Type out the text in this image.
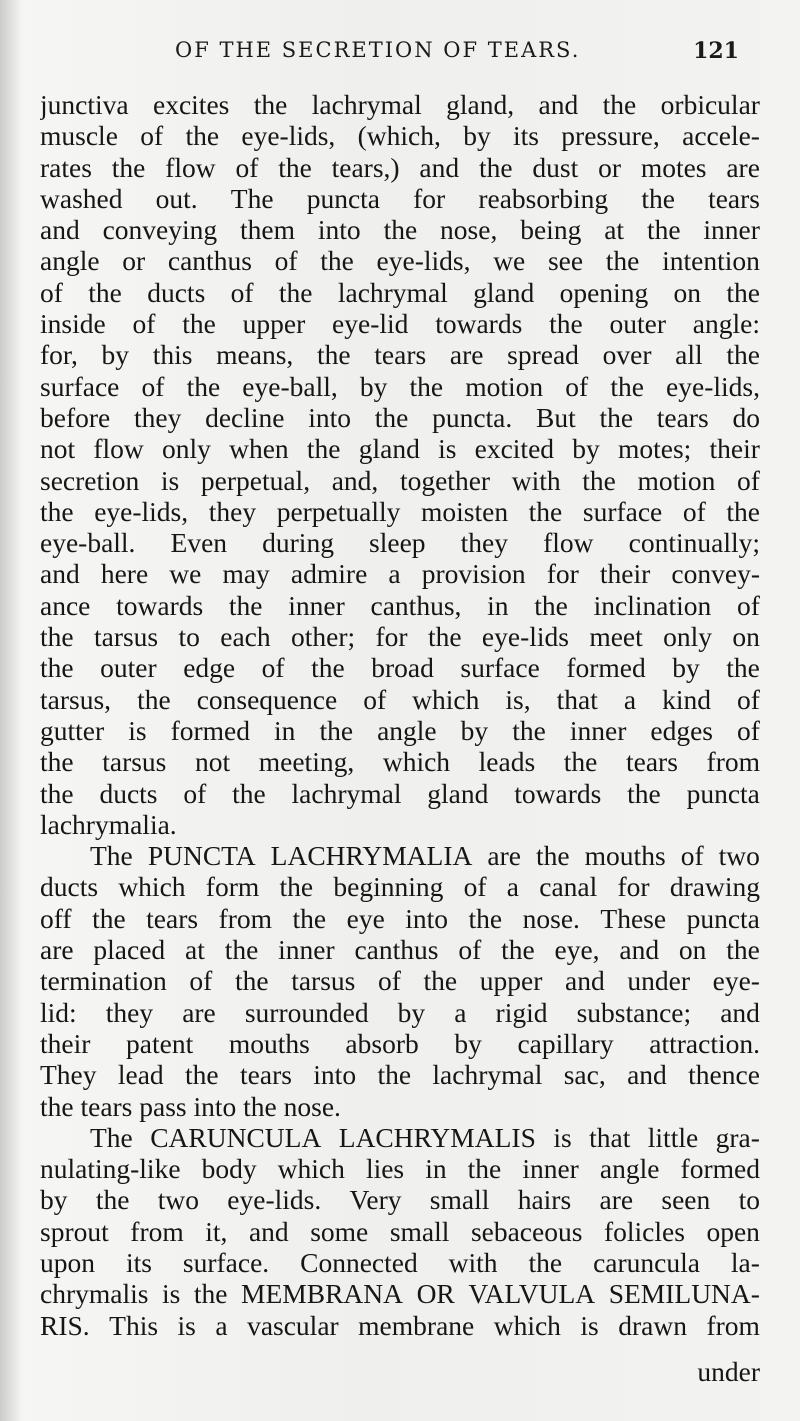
OF THE SECRETION OF TEARS.	121
junctiva excites the lachrymal gland, and the orbicular
muscle of the eye-lids, (which, by its pressure, accele-
rates the flow of the tears,) and the dust or motes are
washed out. The puncta for reabsorbing the tears
and conveying them into the nose, being at the inner
angle or canthus of the eye-lids, we see the intention
of the ducts of the lachrymal gland opening on the
inside of the upper eye-lid towards the outer angle:
for, by this means, the tears are spread over all the
surface of the eye-ball, by the motion of the eye-lids,
before they decline into the puncta. But the tears do
not flow only when the gland is excited by motes; their
secretion is perpetual, and, together with the motion of
the eye-lids, they perpetually moisten the surface of the
eye-ball. Even during sleep they flow continually;
and here we may admire a provision for their convey-
ance towards the inner canthus, in the inclination of
the tarsus to each other; for the eye-lids meet only on
the outer edge of the broad surface formed by the
tarsus, the consequence of which is, that a kind of
gutter is formed in the angle by the inner edges of
the tarsus not meeting, which leads the tears from
the ducts of the lachrymal gland towards the puncta
lachrymalia.
The PUNCTA LACHRYMALIA are the mouths of two
ducts which form the beginning of a canal for drawing
off the tears from the eye into the nose. These puncta
are placed at the inner canthus of the eye, and on the
termination of the tarsus of the upper and under eye-
lid: they are surrounded by a rigid substance; and
their patent mouths absorb by capillary attraction.
They lead the tears into the lachrymal sac, and thence
the tears pass into the nose.
The CARUNCULA LACHRYMALIS is that little gra-
nulating-like body which lies in the inner angle formed
by the two eye-lids. Very small hairs are seen to
sprout from it, and some small sebaceous folicles open
upon its surface. Connected with the caruncula la-
chrymalis is the MEMBRANA OR VALVULA SEMILUNA-
RIS. This is a vascular membrane which is drawn from
under
